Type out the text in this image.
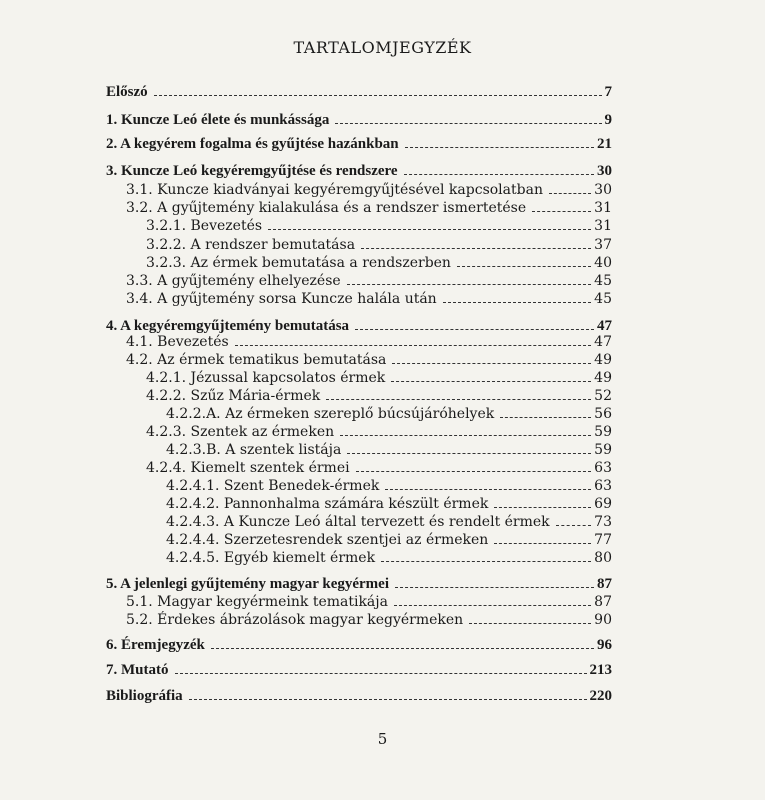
TARTALOMJEGYZÉK
Előszó	7
1. Kuncze Leó élete és munkássága	9
2. A kegyérem fogalma és gyűjtése hazánkban	21
3. Kuncze Leó kegyéremgyűjtése és rendszere	30
3.1. Kuncze kiadványai kegyéremgyűjtésével kapcsolatban	30
3.2. A gyűjtemény kialakulása és a rendszer ismertetése	31
3.2.1. Bevezetés	31
3.2.2. A rendszer bemutatása	37
3.2.3. Az érmek bemutatása a rendszerben	40
3.3. A gyűjtemény elhelyezése	45
3.4. A gyűjtemény sorsa Kuncze halála után	45
4. A kegyéremgyűjtemény bemutatása	47
4.1. Bevezetés	47
4.2. Az érmek tematikus bemutatása	49
4.2.1. Jézussal kapcsolatos érmek	49
4.2.2. Szűz Mária-érmek	52
4.2.2.A. Az érmeken szereplő búcsújáróhelyek	56
4.2.3. Szentek az érmeken	59
4.2.3.B. A szentek listája	59
4.2.4. Kiemelt szentek érmei	63
4.2.4.1. Szent Benedek-érmek	63
4.2.4.2. Pannonhalma számára készült érmek	69
4.2.4.3. A Kuncze Leó által tervezett és rendelt érmek	73
4.2.4.4. Szerzetesrendek szentjei az érmeken	77
4.2.4.5. Egyéb kiemelt érmek	80
5. A jelenlegi gyűjtemény magyar kegyérmei	87
5.1. Magyar kegyérmeink tematikája	87
5.2. Érdekes ábrázolások magyar kegyérmeken	90
6. Éremjegyzék	96
7. Mutató	213
Bibliográfia	220
5
